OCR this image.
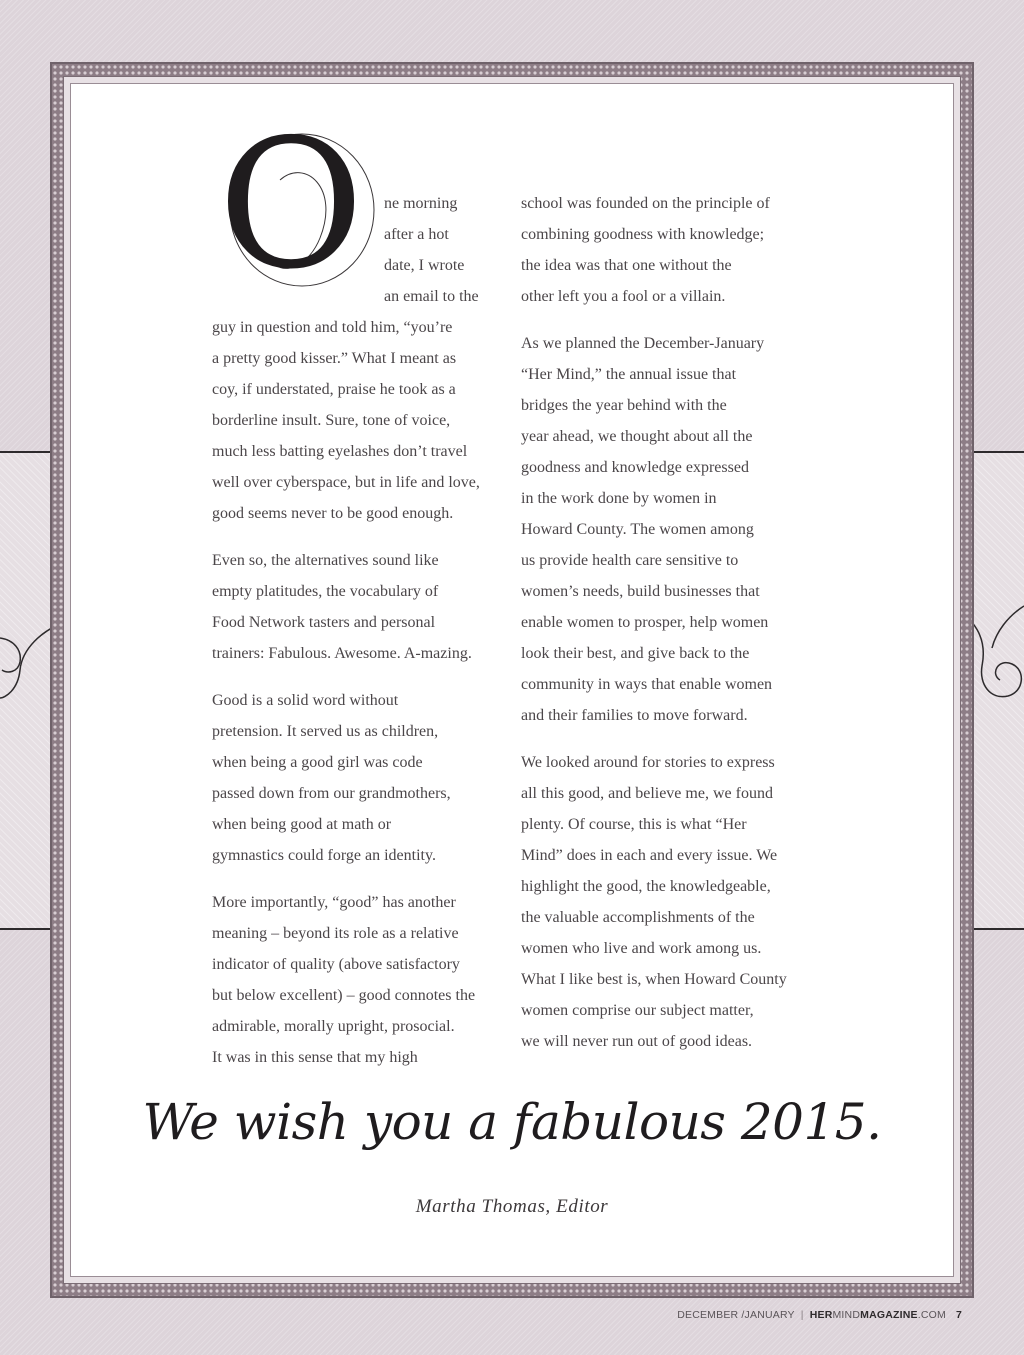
O	ne morning
after a hot
date, I wrote
an email to the
guy in question and told him, “you’re
a pretty good kisser.” What I meant as
coy, if understated, praise he took as a
borderline insult. Sure, tone of voice,
much less batting eyelashes don’t travel
well over cyberspace, but in life and love,
good seems never to be good enough.

Even so, the alternatives sound like
empty platitudes, the vocabulary of
Food Network tasters and personal
trainers: Fabulous. Awesome. A-mazing.

Good is a solid word without
pretension. It served us as children,
when being a good girl was code
passed down from our grandmothers,
when being good at math or
gymnastics could forge an identity.

More importantly, “good” has another
meaning – beyond its role as a relative
indicator of quality (above satisfactory
but below excellent) – good connotes the
admirable, morally upright, prosocial.
It was in this sense that my high

school was founded on the principle of
combining goodness with knowledge;
the idea was that one without the
other left you a fool or a villain.

As we planned the December-January
“Her Mind,” the annual issue that
bridges the year behind with the
year ahead, we thought about all the
goodness and knowledge expressed
in the work done by women in
Howard County. The women among
us provide health care sensitive to
women’s needs, build businesses that
enable women to prosper, help women
look their best, and give back to the
community in ways that enable women
and their families to move forward.

We looked around for stories to express
all this good, and believe me, we found
plenty. Of course, this is what “Her
Mind” does in each and every issue. We
highlight the good, the knowledgeable,
the valuable accomplishments of the
women who live and work among us.
What I like best is, when Howard County
women comprise our subject matter,
we will never run out of good ideas.

We wish you a fabulous 2015.
Martha Thomas, Editor
DECEMBER /JANUARY | HERMINDMAGAZINE.COM 7
